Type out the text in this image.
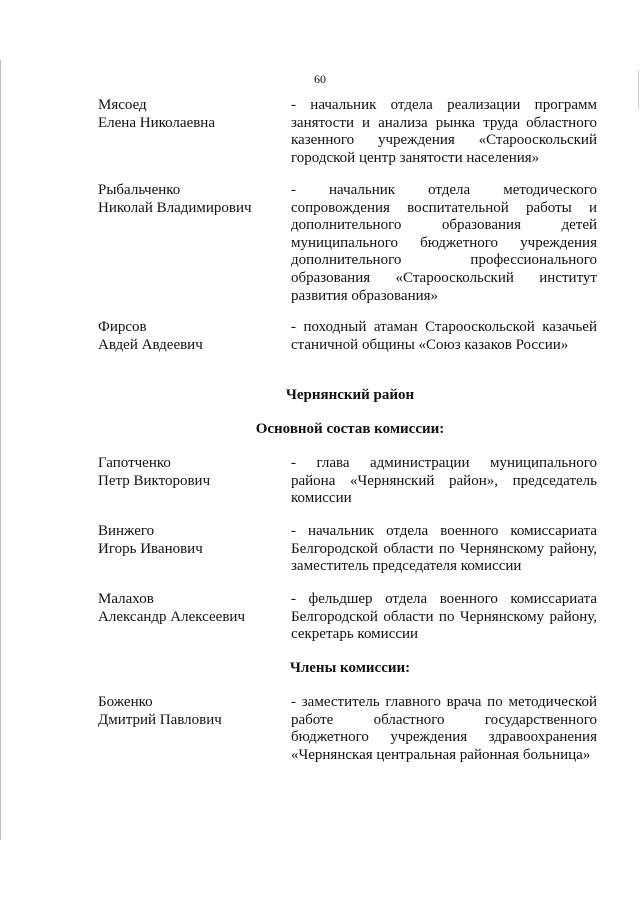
60
Мясоед
Елена Николаевна
- начальник отдела реализации программ
занятости и анализа рынка труда областного
казенного учреждения «Старооскольский
городской центр занятости населения»
Рыбальченко
Николай Владимирович
- начальник отдела методического
сопровождения воспитательной работы и
дополнительного образования детей
муниципального бюджетного учреждения
дополнительного профессионального
образования «Старооскольский институт
развития образования»
Фирсов
Авдей Авдеевич
- походный атаман Старооскольской казачьей
станичной общины «Союз казаков России»
Чернянский район
Основной состав комиссии:
Гапотченко
Петр Викторович
- глава администрации муниципального
района «Чернянский район», председатель
комиссии
Винжего
Игорь Иванович
- начальник отдела военного комиссариата
Белгородской области по Чернянскому району,
заместитель председателя комиссии
Малахов
Александр Алексеевич
- фельдшер отдела военного комиссариата
Белгородской области по Чернянскому району,
секретарь комиссии
Члены комиссии:
Боженко
Дмитрий Павлович
- заместитель главного врача по методической
работе областного государственного
бюджетного учреждения здравоохранения
«Чернянская центральная районная больница»
